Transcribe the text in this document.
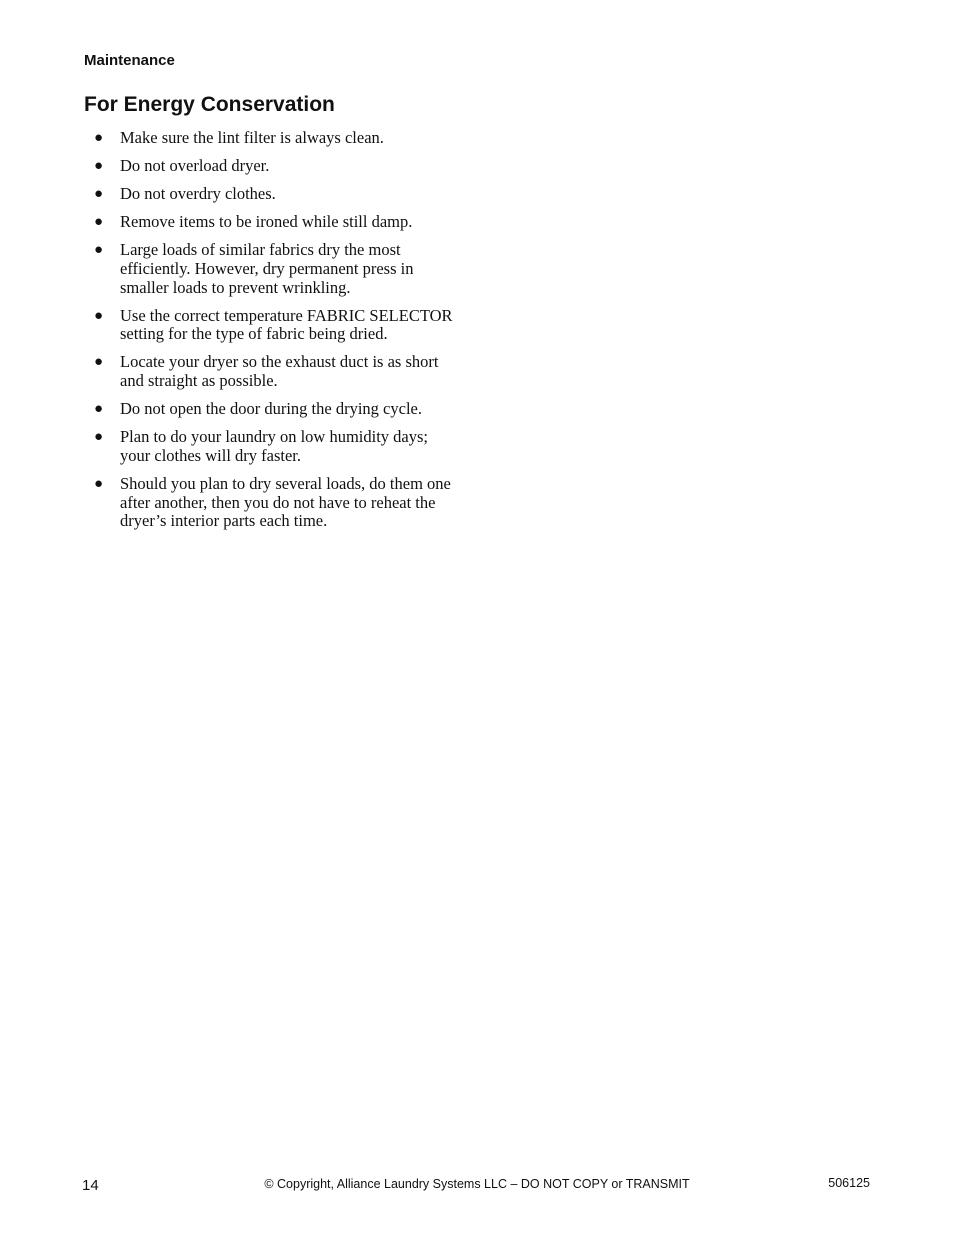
Maintenance
For Energy Conservation
● Make sure the lint filter is always clean.
● Do not overload dryer.
● Do not overdry clothes.
● Remove items to be ironed while still damp.
● Large loads of similar fabrics dry the most efficiently. However, dry permanent press in smaller loads to prevent wrinkling.
● Use the correct temperature FABRIC SELECTOR setting for the type of fabric being dried.
● Locate your dryer so the exhaust duct is as short and straight as possible.
● Do not open the door during the drying cycle.
● Plan to do your laundry on low humidity days; your clothes will dry faster.
● Should you plan to dry several loads, do them one after another, then you do not have to reheat the dryer’s interior parts each time.
14	© Copyright, Alliance Laundry Systems LLC – DO NOT COPY or TRANSMIT	506125
